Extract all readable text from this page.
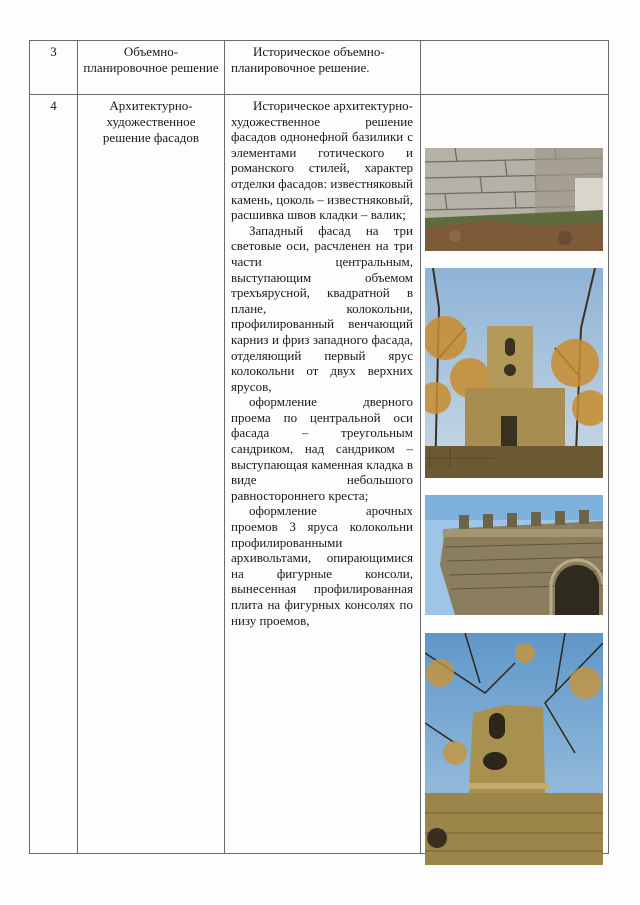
3	Объемно-планировочное решение	Историческое объемно-планировочное решение.	

4	Архитектурно-художественное решение фасадов	Историческое архитектурно-художественное решение фасадов однонефной базилики с элементами готического и романского стилей, характер отделки фасадов: известняковый камень, цоколь – известняковый, расшивка швов кладки – валик;

Западный фасад на три световые оси, расчленен на три части центральным, выступающим объемом трехъярусной, квадратной в плане, колокольни, профилированный венчающий карниз и фриз западного фасада, отделяющий первый ярус колокольни от двух верхних ярусов,

оформление дверного проема по центральной оси фасада – треугольным сандриком, над сандриком – выступающая каменная кладка в виде небольшого равностороннего креста;

оформление арочных проемов 3 яруса колокольни профилированными архивольтами, опирающимися на фигурные консоли, вынесенная профилированная плита на фигурных консолях по низу проемов,
